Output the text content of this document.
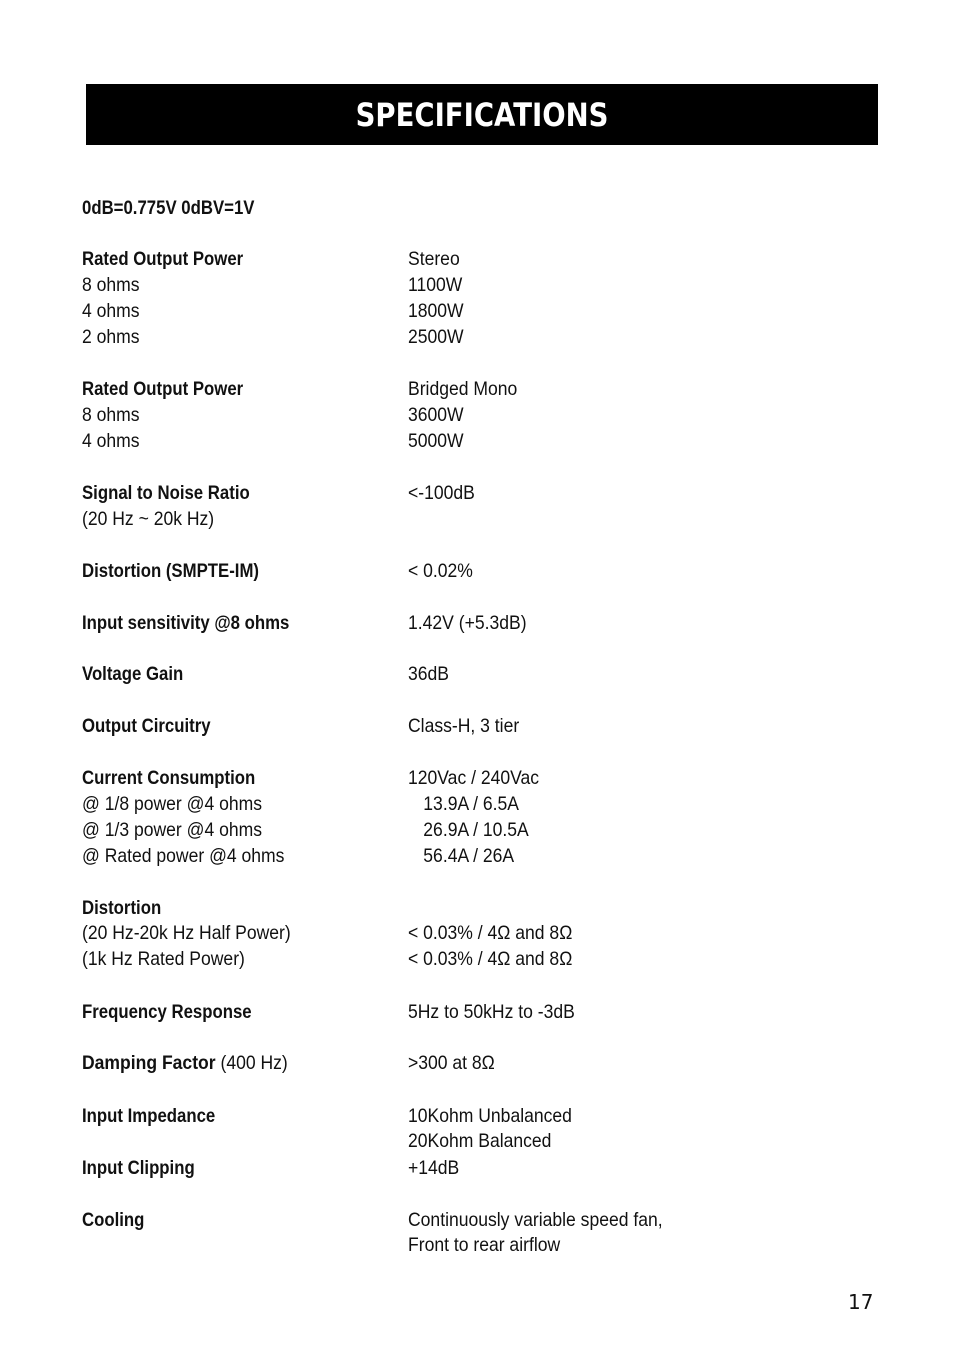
SPECIFICATIONS
0dB=0.775V 0dBV=1V
Rated Output Power	Stereo
8 ohms	1100W
4 ohms	1800W
2 ohms	2500W
Rated Output Power	Bridged Mono
8 ohms	3600W
4 ohms	5000W
Signal to Noise Ratio	<-100dB
(20 Hz ~ 20k Hz)
Distortion (SMPTE-IM)	< 0.02%
Input sensitivity @8 ohms	1.42V (+5.3dB)
Voltage Gain	36dB
Output Circuitry	Class-H, 3 tier
Current Consumption	120Vac / 240Vac
@ 1/8 power @4 ohms	13.9A / 6.5A
@ 1/3 power @4 ohms	26.9A / 10.5A
@ Rated power @4 ohms	56.4A / 26A
Distortion
(20 Hz-20k Hz Half Power)	< 0.03% / 4Ω and 8Ω
(1k Hz Rated Power)	< 0.03% / 4Ω and 8Ω
Frequency Response	5Hz to 50kHz to -3dB
Damping Factor (400 Hz)	>300 at 8Ω
Input Impedance	10Kohm Unbalanced
20Kohm Balanced
Input Clipping	+14dB
Cooling	Continuously variable speed fan,
Front to rear airflow
17
